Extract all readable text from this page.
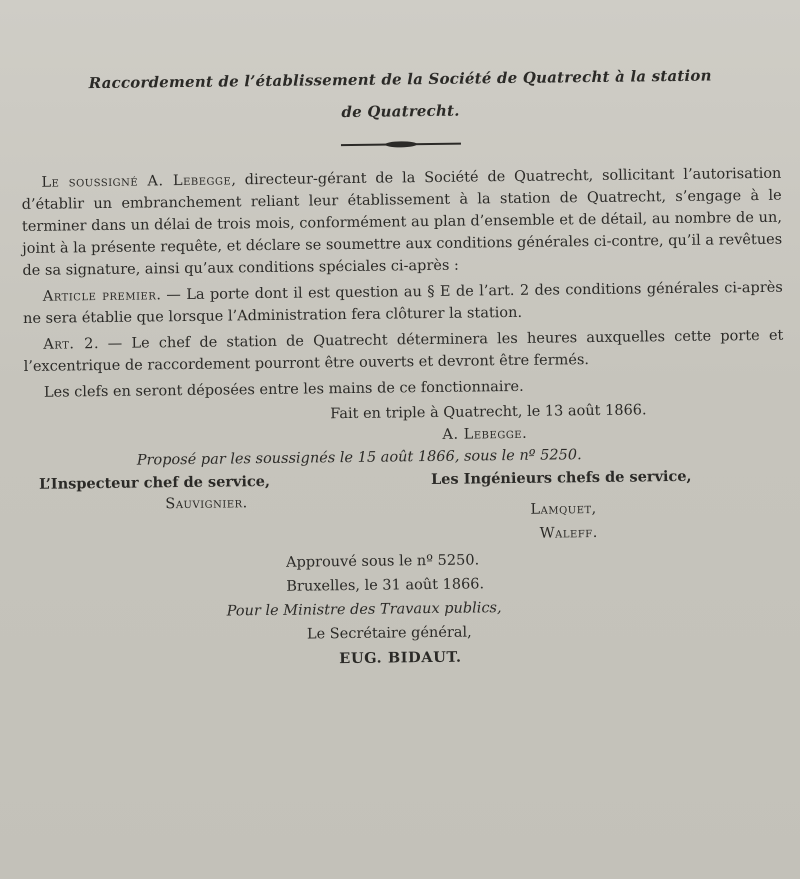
Raccordement de l’établissement de la Société de Quatrecht à la station
de Quatrecht.

Le soussigné A. Lebegge, directeur-gérant de la Société de Quatrecht, sollicitant l’autorisation d’établir un embranchement reliant leur établissement à la station de Quatrecht, s’engage à le terminer dans un délai de trois mois, conformément au plan d’ensemble et de détail, au nombre de un, joint à la présente requête, et déclare se soumettre aux conditions générales ci-contre, qu’il a revêtues de sa signature, ainsi qu’aux conditions spéciales ci-après :

Article premier. — La porte dont il est question au § E de l’art. 2 des conditions générales ci-après ne sera établie que lorsque l’Administration fera clôturer la station.

Art. 2. — Le chef de station de Quatrecht déterminera les heures auxquelles cette porte et l’excentrique de raccordement pourront être ouverts et devront être fermés.

Les clefs en seront déposées entre les mains de ce fonctionnaire.

Fait en triple à Quatrecht, le 13 août 1866.
A. Lebegge.
Proposé par les soussignés le 15 août 1866, sous le nº 5250.
L’Inspecteur chef de service,	Les Ingénieurs chefs de service,
Sauvignier.	Lamquet,
Waleff.
Approuvé sous le nº 5250.
Bruxelles, le 31 août 1866.
Pour le Ministre des Travaux publics,
Le Secrétaire général,
EUG. BIDAUT.
